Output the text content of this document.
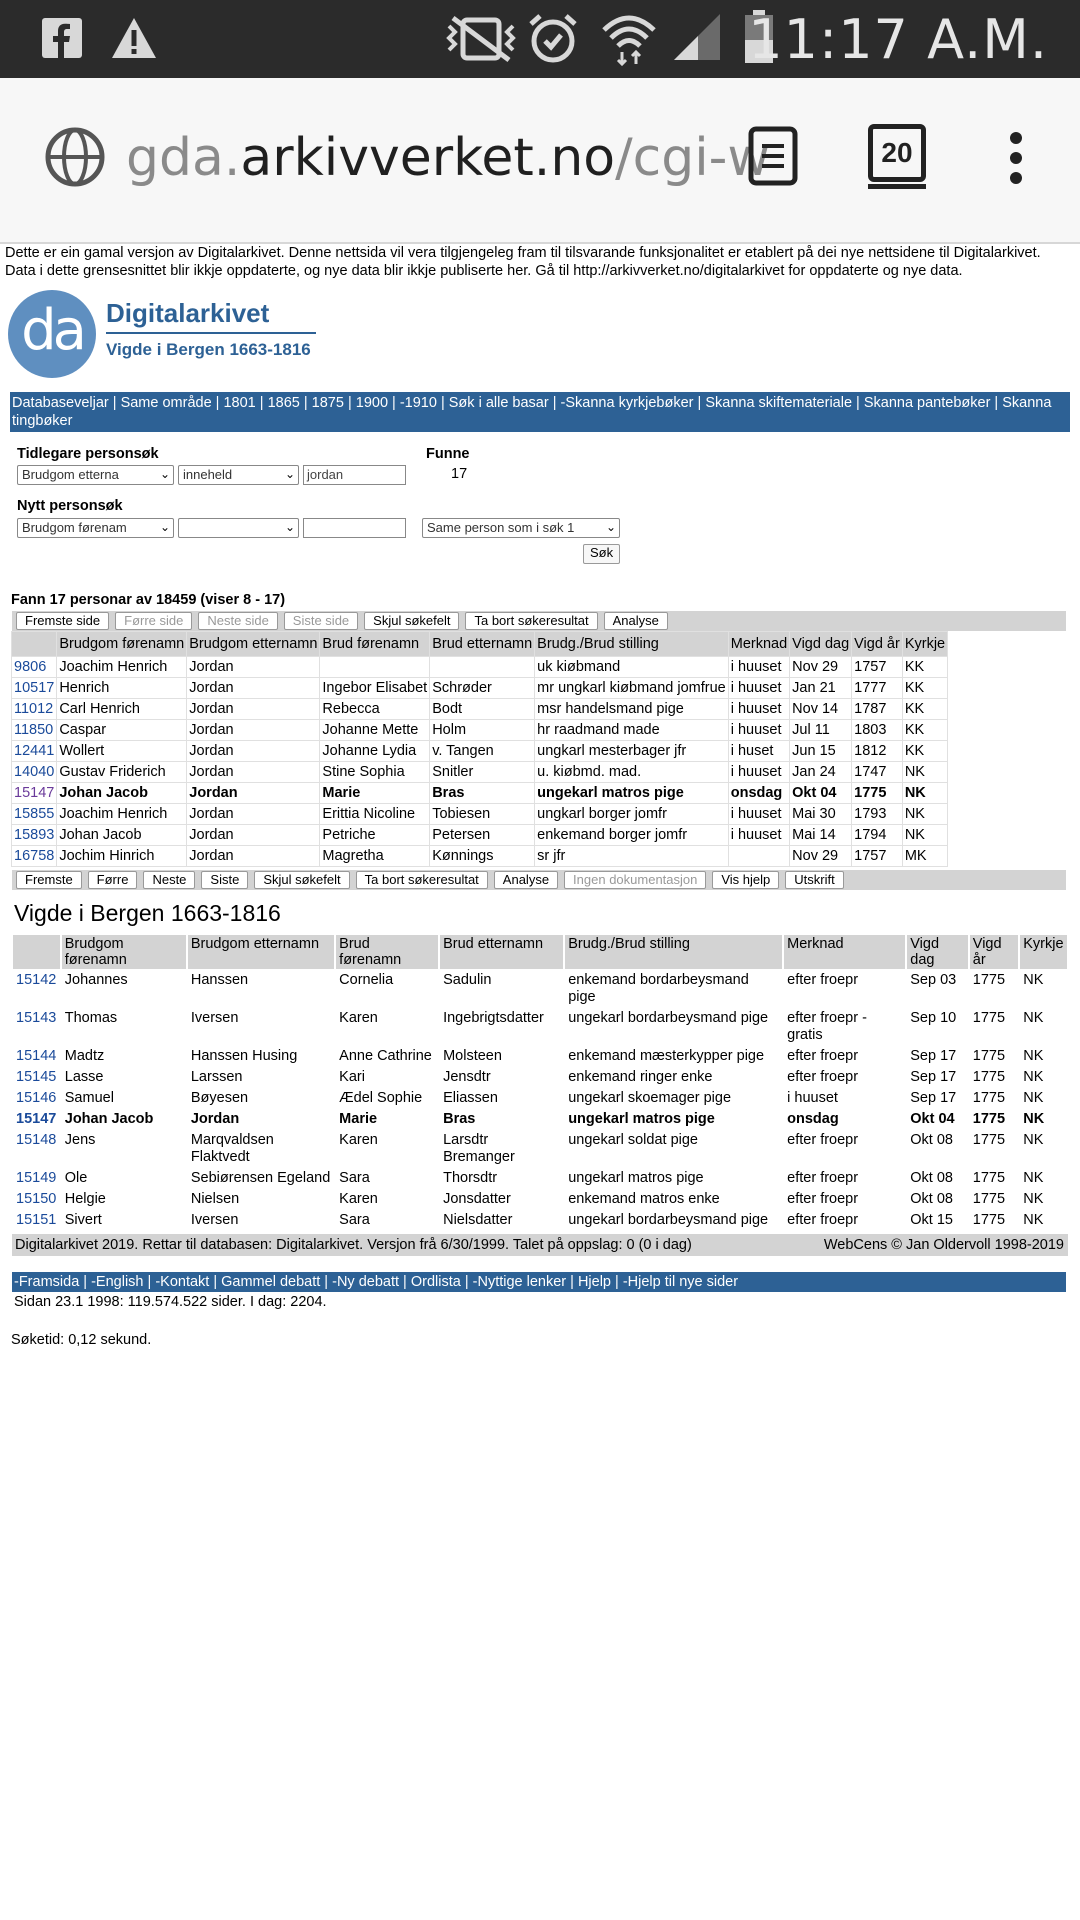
11:17 A.M.
gda.arkivverket.no/cgi-w	20
Dette er ein gamal versjon av Digitalarkivet. Denne nettsida vil vera tilgjengeleg fram til tilsvarande funksjonalitet er etablert på dei nye nettsidene til Digitalarkivet. Data i dette grensesnittet blir ikkje oppdaterte, og nye data blir ikkje publiserte her. Gå til http://arkivverket.no/digitalarkivet for oppdaterte og nye data.
da Digitalarkivet
Vigde i Bergen 1663-1816
Databaseveljar | Same område | 1801 | 1865 | 1875 | 1900 | -1910 | Søk i alle basar | -Skanna kyrkjebøker | Skanna skiftemateriale | Skanna pantebøker | Skanna tingbøker
Tidlegare personsøk	Funne
Brudgom etterna	⌄	inneheld	⌄ jordan	17
Nytt personsøk
Brudgom førenam	⌄	⌄	Same person som i søk 1	⌄
Søk
Fann 17 personar av 18459 (viser 8 - 17)
Fremste side Førre side Neste side Siste side Skjul søkefelt Ta bort søkeresultat Analyse
	Brudgom førenamn	Brudgom etternamn	Brud førenamn	Brud etternamn	Brudg./Brud stilling	Merknad	Vigd dag	Vigd år	Kyrkje
9806	Joachim Henrich	Jordan			uk kiøbmand	i huuset	Nov 29	1757	KK
10517	Henrich	Jordan	Ingebor Elisabet	Schrøder	mr ungkarl kiøbmand jomfrue	i huuset	Jan 21	1777	KK
11012	Carl Henrich	Jordan	Rebecca	Bodt	msr handelsmand pige	i huuset	Nov 14	1787	KK
11850	Caspar	Jordan	Johanne Mette	Holm	hr raadmand made	i huuset	Jul 11	1803	KK
12441	Wollert	Jordan	Johanne Lydia	v. Tangen	ungkarl mesterbager jfr	i huset	Jun 15	1812	KK
14040	Gustav Friderich	Jordan	Stine Sophia	Snitler	u. kiøbmd. mad.	i huuset	Jan 24	1747	NK
15147	Johan Jacob	Jordan	Marie	Bras	ungekarl matros pige	onsdag	Okt 04	1775	NK
15855	Joachim Henrich	Jordan	Erittia Nicoline	Tobiesen	ungkarl borger jomfr	i huuset	Mai 30	1793	NK
15893	Johan Jacob	Jordan	Petriche	Petersen	enkemand borger jomfr	i huuset	Mai 14	1794	NK
16758	Jochim Hinrich	Jordan	Magretha	Kønnings	sr jfr		Nov 29	1757	MK
Fremste Førre Neste Siste Skjul søkefelt Ta bort søkeresultat Analyse Ingen dokumentasjon Vis hjelp Utskrift
Vigde i Bergen 1663-1816
	Brudgom førenamn	Brudgom etternamn	Brud førenamn	Brud etternamn	Brudg./Brud stilling	Merknad	Vigd dag	Vigd år	Kyrkje
15142	Johannes	Hanssen	Cornelia	Sadulin	enkemand bordarbeysmand pige	efter froepr	Sep 03	1775	NK
15143	Thomas	Iversen	Karen	Ingebrigtsdatter	ungekarl bordarbeysmand pige	efter froepr - gratis	Sep 10	1775	NK
15144	Madtz	Hanssen Husing	Anne Cathrine	Molsteen	enkemand mæsterkypper pige	efter froepr	Sep 17	1775	NK
15145	Lasse	Larssen	Kari	Jensdtr	enkemand ringer enke	efter froepr	Sep 17	1775	NK
15146	Samuel	Bøyesen	Ædel Sophie	Eliassen	ungekarl skoemager pige	i huuset	Sep 17	1775	NK
15147	Johan Jacob	Jordan	Marie	Bras	ungekarl matros pige	onsdag	Okt 04	1775	NK
15148	Jens	Marqvaldsen Flaktvedt	Karen	Larsdtr Bremanger	ungekarl soldat pige	efter froepr	Okt 08	1775	NK
15149	Ole	Sebiørensen Egeland	Sara	Thorsdtr	ungekarl matros pige	efter froepr	Okt 08	1775	NK
15150	Helgie	Nielsen	Karen	Jonsdatter	enkemand matros enke	efter froepr	Okt 08	1775	NK
15151	Sivert	Iversen	Sara	Nielsdatter	ungekarl bordarbeysmand pige	efter froepr	Okt 15	1775	NK
Digitalarkivet 2019. Rettar til databasen: Digitalarkivet. Versjon frå 6/30/1999. Talet på oppslag: 0 (0 i dag)	WebCens © Jan Oldervoll 1998-2019
-Framsida | -English | -Kontakt | Gammel debatt | -Ny debatt | Ordlista | -Nyttige lenker | Hjelp | -Hjelp til nye sider
Sidan 23.1 1998: 119.574.522 sider. I dag: 2204.
Søketid: 0,12 sekund.
